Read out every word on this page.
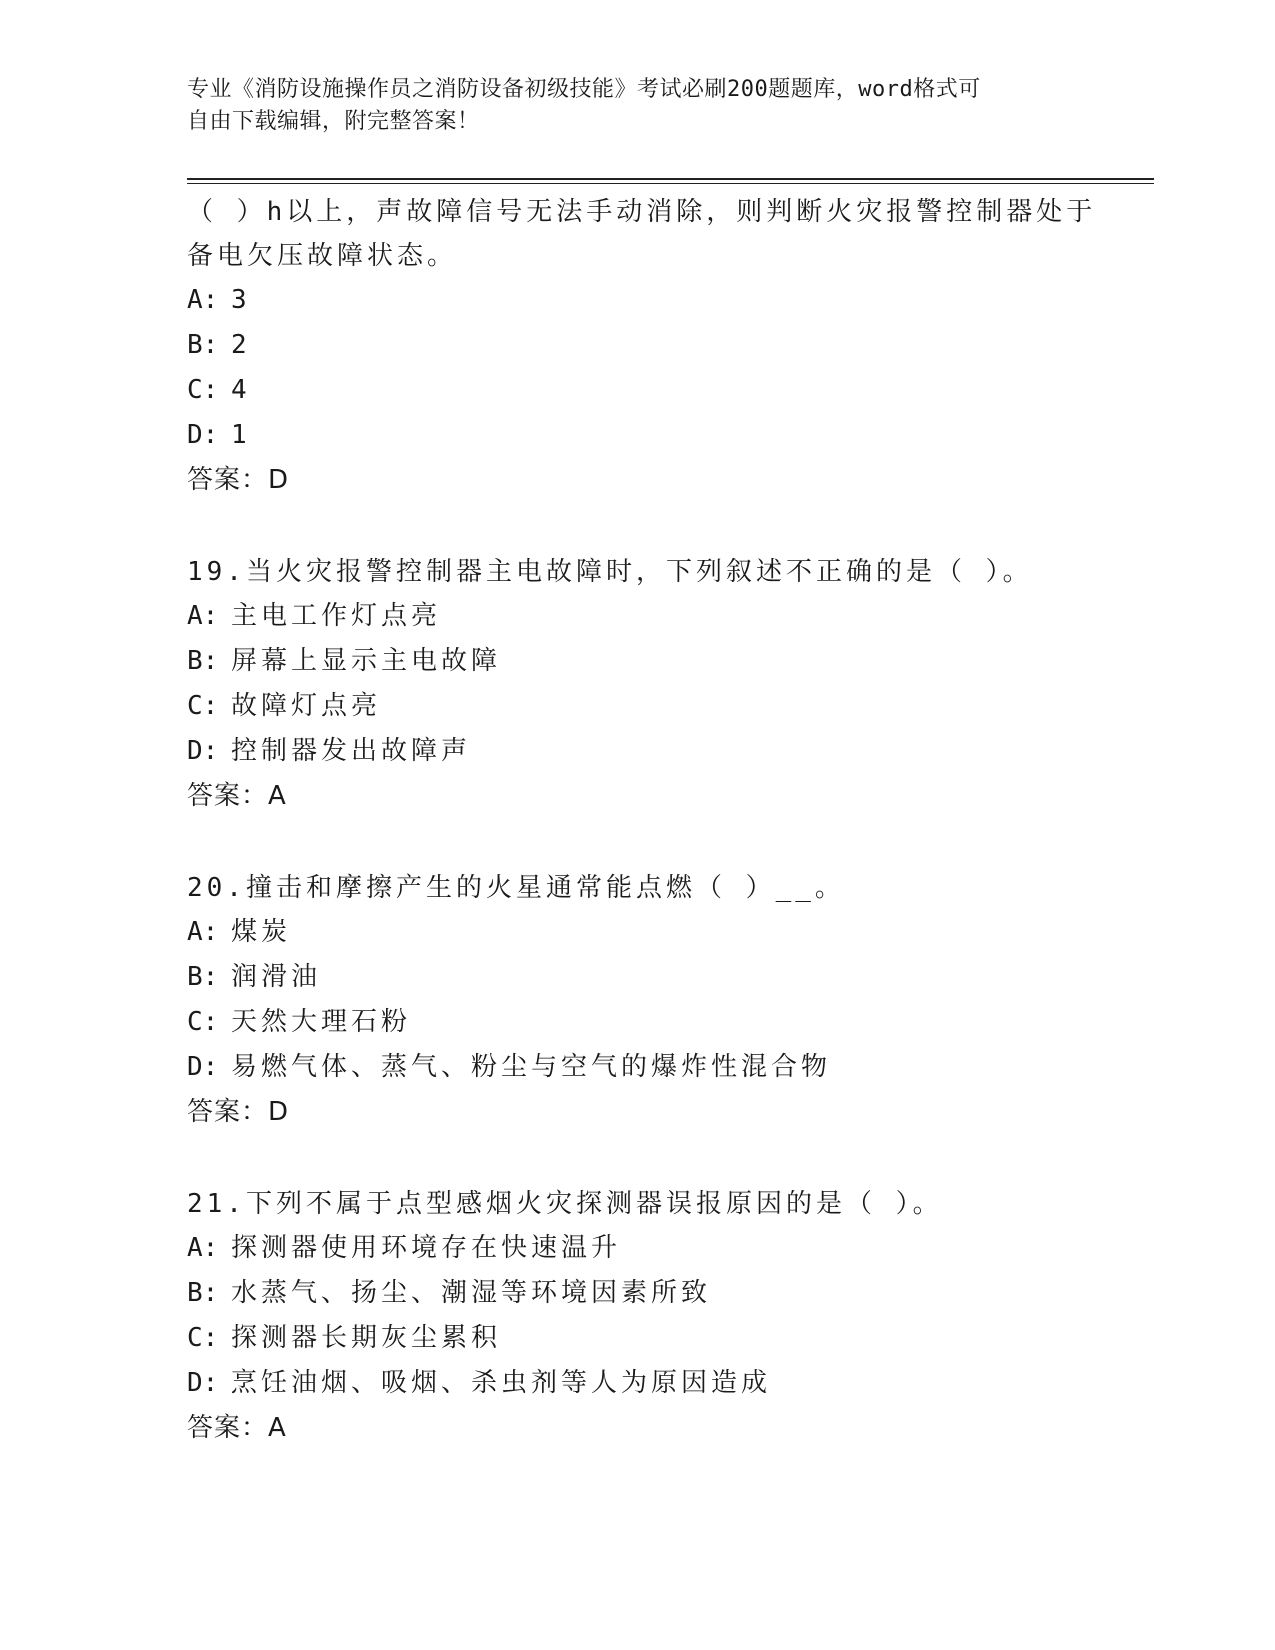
专业《消防设施操作员之消防设备初级技能》考试必刷200题题库，word格式可
自由下载编辑，附完整答案！
（ ）h以上，声故障信号无法手动消除，则判断火灾报警控制器处于
备电欠压故障状态。
A: 3
B: 2
C: 4
D: 1
答案：D
19.当火灾报警控制器主电故障时，下列叙述不正确的是（ ）。
A: 主电工作灯点亮
B: 屏幕上显示主电故障
C: 故障灯点亮
D: 控制器发出故障声
答案：A
20.撞击和摩擦产生的火星通常能点燃（ ）__。
A: 煤炭
B: 润滑油
C: 天然大理石粉
D: 易燃气体、蒸气、粉尘与空气的爆炸性混合物
答案：D
21.下列不属于点型感烟火灾探测器误报原因的是（ ）。
A: 探测器使用环境存在快速温升
B: 水蒸气、扬尘、潮湿等环境因素所致
C: 探测器长期灰尘累积
D: 烹饪油烟、吸烟、杀虫剂等人为原因造成
答案：A
